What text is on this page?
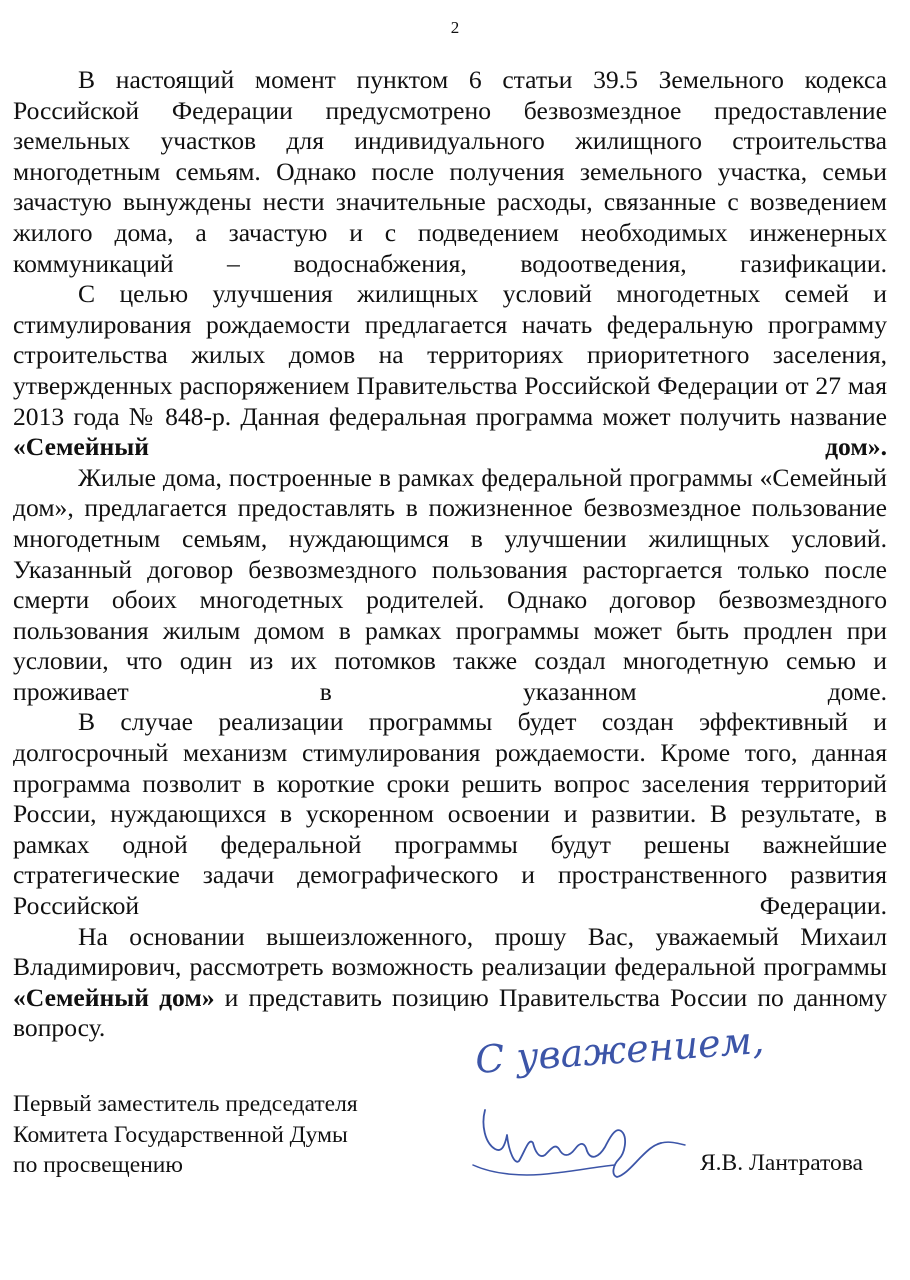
2

В настоящий момент пунктом 6 статьи 39.5 Земельного кодекса Российской Федерации предусмотрено безвозмездное предоставление земельных участков для индивидуального жилищного строительства многодетным семьям. Однако после получения земельного участка, семьи зачастую вынуждены нести значительные расходы, связанные с возведением жилого дома, а зачастую и с подведением необходимых инженерных коммуникаций – водоснабжения, водоотведения, газификации.

С целью улучшения жилищных условий многодетных семей и стимулирования рождаемости предлагается начать федеральную программу строительства жилых домов на территориях приоритетного заселения, утвержденных распоряжением Правительства Российской Федерации от 27 мая 2013 года № 848-р. Данная федеральная программа может получить название «Семейный дом».

Жилые дома, построенные в рамках федеральной программы «Семейный дом», предлагается предоставлять в пожизненное безвозмездное пользование многодетным семьям, нуждающимся в улучшении жилищных условий. Указанный договор безвозмездного пользования расторгается только после смерти обоих многодетных родителей. Однако договор безвозмездного пользования жилым домом в рамках программы может быть продлен при условии, что один из их потомков также создал многодетную семью и проживает в указанном доме.

В случае реализации программы будет создан эффективный и долгосрочный механизм стимулирования рождаемости. Кроме того, данная программа позволит в короткие сроки решить вопрос заселения территорий России, нуждающихся в ускоренном освоении и развитии. В результате, в рамках одной федеральной программы будут решены важнейшие стратегические задачи демографического и пространственного развития Российской Федерации.

На основании вышеизложенного, прошу Вас, уважаемый Михаил Владимирович, рассмотреть возможность реализации федеральной программы «Семейный дом» и представить позицию Правительства России по данному вопросу.

Первый заместитель председателя
Комитета Государственной Думы
по просвещению
С уважением,
Я.В. Лантратова
